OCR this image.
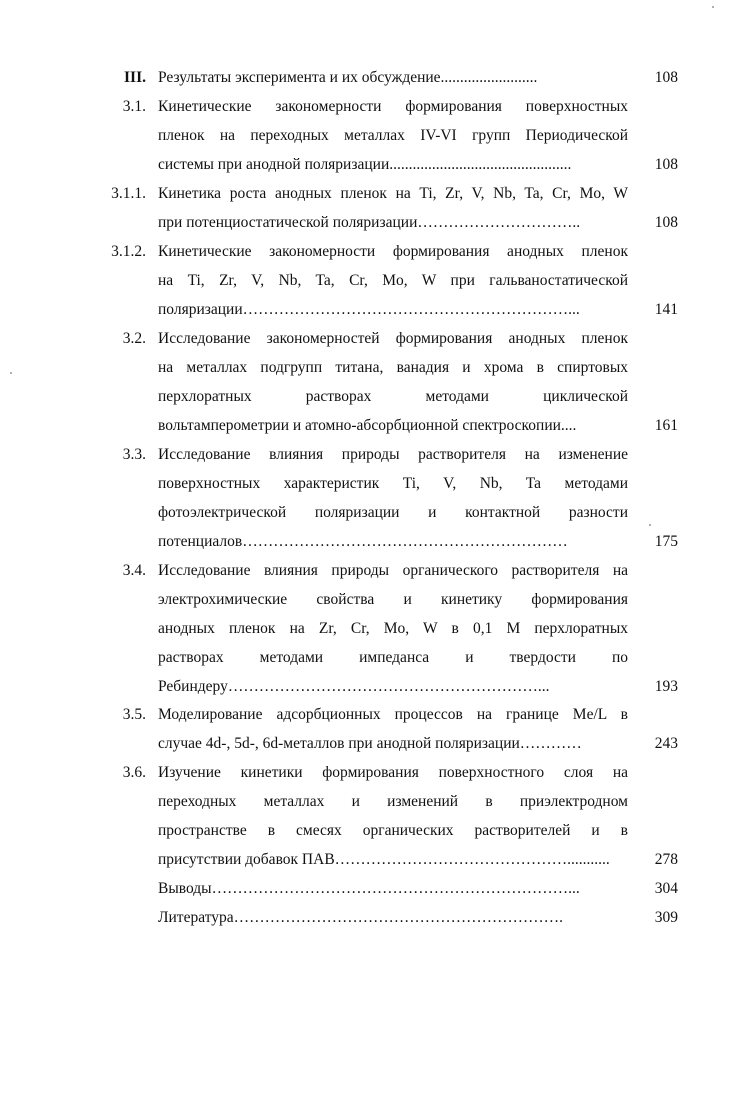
III. Результаты эксперимента и их обсуждение.........................	108
3.1. Кинетические закономерности формирования поверхностных
пленок на переходных металлах IV-VI групп Периодической
системы при анодной поляризации...............................................	108
3.1.1. Кинетика роста анодных пленок на Ti, Zr, V, Nb, Ta, Cr, Mo, W
при потенциостатической поляризации…………………………..	108
3.1.2. Кинетические закономерности формирования анодных пленок
на Ti, Zr, V, Nb, Ta, Cr, Mo, W при гальваностатической
поляризации………………………………………………………...	141
3.2. Исследование закономерностей формирования анодных пленок
на металлах подгрупп титана, ванадия и хрома в спиртовых
перхлоратных растворах методами циклической
вольтамперометрии и атомно-абсорбционной спектроскопии....	161
3.3. Исследование влияния природы растворителя на изменение
поверхностных характеристик Ti, V, Nb, Ta методами
фотоэлектрической поляризации и контактной разности
потенциалов………………………………………………………	175
3.4. Исследование влияния природы органического растворителя на
электрохимические свойства и кинетику формирования
анодных пленок на Zr, Cr, Mo, W в 0,1 М перхлоратных
растворах методами импеданса и твердости по
Ребиндеру……………………………………………………...	193
3.5. Моделирование адсорбционных процессов на границе Me/L в
случае 4d-, 5d-, 6d-металлов при анодной поляризации…………	243
3.6. Изучение кинетики формирования поверхностного слоя на
переходных металлах и изменений в приэлектродном
пространстве в смесях органических растворителей и в
присутствии добавок ПАВ………………………………………...........	278
Выводы……………………………………………………………...	304
Литература……………………………………………………….	309
